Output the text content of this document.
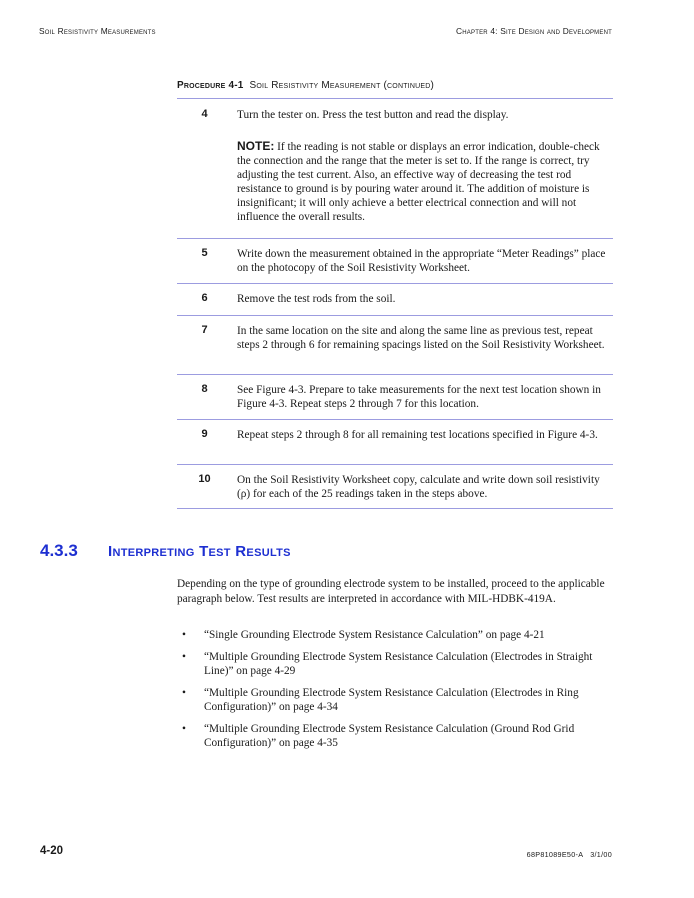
Soil Resistivity Measurements	Chapter 4: Site Design and Development
Procedure 4-1 Soil Resistivity Measurement (continued)
4	Turn the tester on. Press the test button and read the display.
NOTE: If the reading is not stable or displays an error indication, double-check the connection and the range that the meter is set to. If the range is correct, try adjusting the test current. Also, an effective way of decreasing the test rod resistance to ground is by pouring water around it. The addition of moisture is insignificant; it will only achieve a better electrical connection and will not influence the overall results.
5	Write down the measurement obtained in the appropriate “Meter Readings” place on the photocopy of the Soil Resistivity Worksheet.
6	Remove the test rods from the soil.
7	In the same location on the site and along the same line as previous test, repeat steps 2 through 6 for remaining spacings listed on the Soil Resistivity Worksheet.
8	See Figure 4-3. Prepare to take measurements for the next test location shown in Figure 4-3. Repeat steps 2 through 7 for this location.
9	Repeat steps 2 through 8 for all remaining test locations specified in Figure 4-3.
10	On the Soil Resistivity Worksheet copy, calculate and write down soil resistivity (ρ) for each of the 25 readings taken in the steps above.
4.3.3 Interpreting Test Results
Depending on the type of grounding electrode system to be installed, proceed to the applicable paragraph below. Test results are interpreted in accordance with MIL-HDBK-419A.
• “Single Grounding Electrode System Resistance Calculation” on page 4-21
• “Multiple Grounding Electrode System Resistance Calculation (Electrodes in Straight Line)” on page 4-29
• “Multiple Grounding Electrode System Resistance Calculation (Electrodes in Ring Configuration)” on page 4-34
• “Multiple Grounding Electrode System Resistance Calculation (Ground Rod Grid Configuration)” on page 4-35
4-20	68P81089E50-A 3/1/00
